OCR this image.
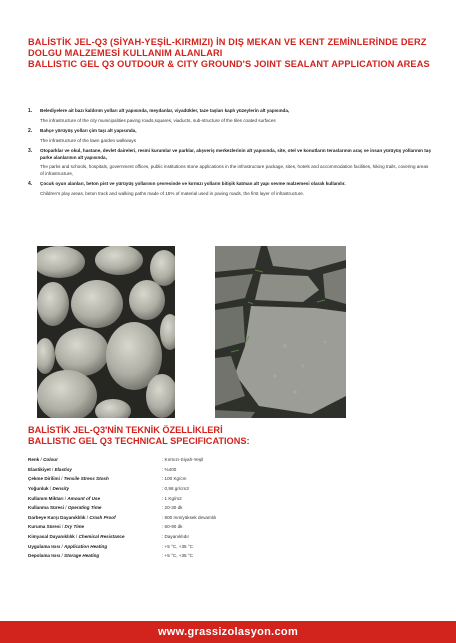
BALİSTİK JEL-Q3 (SİYAH-YEŞİL-KIRMIZI) İN DIŞ MEKAN VE KENT ZEMİNLERİNDE DERZ
DOLGU MALZEMESİ KULLANIM ALANLARI
BALLISTIC GEL Q3 OUTDOUR & CITY GROUND'S JOINT SEALANT APPLICATION AREAS
1.	Belediyelere ait bazı kaldırım yolları alt yapısında, meydanlar, viyadükler, taze taşları kaplı yüzeylerin alt yapısında,
The infrastructure of the city municipalities paving roads,squares, viaducts, sub-structure of the tiles coated surfaces
2.	Bahçe yürüyüş yolları çim taşı alt yapısında,
The infrastructure of the lawn garden walkways
3.	Otoparklar ve okul, hastane, devlet daireleri, resmi kurumlar ve parklar, alışveriş merkezlerinin alt yapısında, site, otel ve konutların teraslarının araç ve insan yürüyüş yollarının taş parke alanlarının alt yapısında,
The parks and schools, hospitals, government offices, public institutions stone applications in the infrastructure package, sites, hotels and accommodation facilities, hiking trails, covering areas of infrastructure,
4.	Çocuk oyun alanları, beton pist ve yürüyüş yollarının çevresinde ve kırmızı yolların bitişik katman alt yapı sevme malzemesi olarak kullanılır.
Children's play areas, beton track and walking paths made of 15% of material used in paving roads, the first layer of infrastructure.
BALİSTİK JEL-Q3'NİN TEKNİK ÖZELLİKLERİ
BALLISTIC GEL Q3 TECHNICAL SPECIFICATIONS:
Renk / Colour	: Kırmızı-Siyah-Yeşil
Elastikiyet / Elastisy	: %400
Çekme Dirilimi / Tensile Stress Stosh	: 100 Kg/cm
Yoğunluk / Density	: 0,98 gr/cm3
Kullanım Miktarı / Amount of Use	: 1 Kg/m2
Kullanma Süresi / Operating Time	: 20-30 dk
Darbeye Karşı Dayanıklılık / Crash Proof	: 800 mm/yüksek devamlılı
Kuruma Süresi / Dry Time	: 60-90 dk
Kimyasal Dayanıklılık / Chemical Resistance	: Dayanıklıdır
Uygulama Isısı / Application Heating	: +5 °C, +35 °C
Depolama Isısı / Storage Heating	: +5 °C, +35 °C
www.grassizolasyon.com
